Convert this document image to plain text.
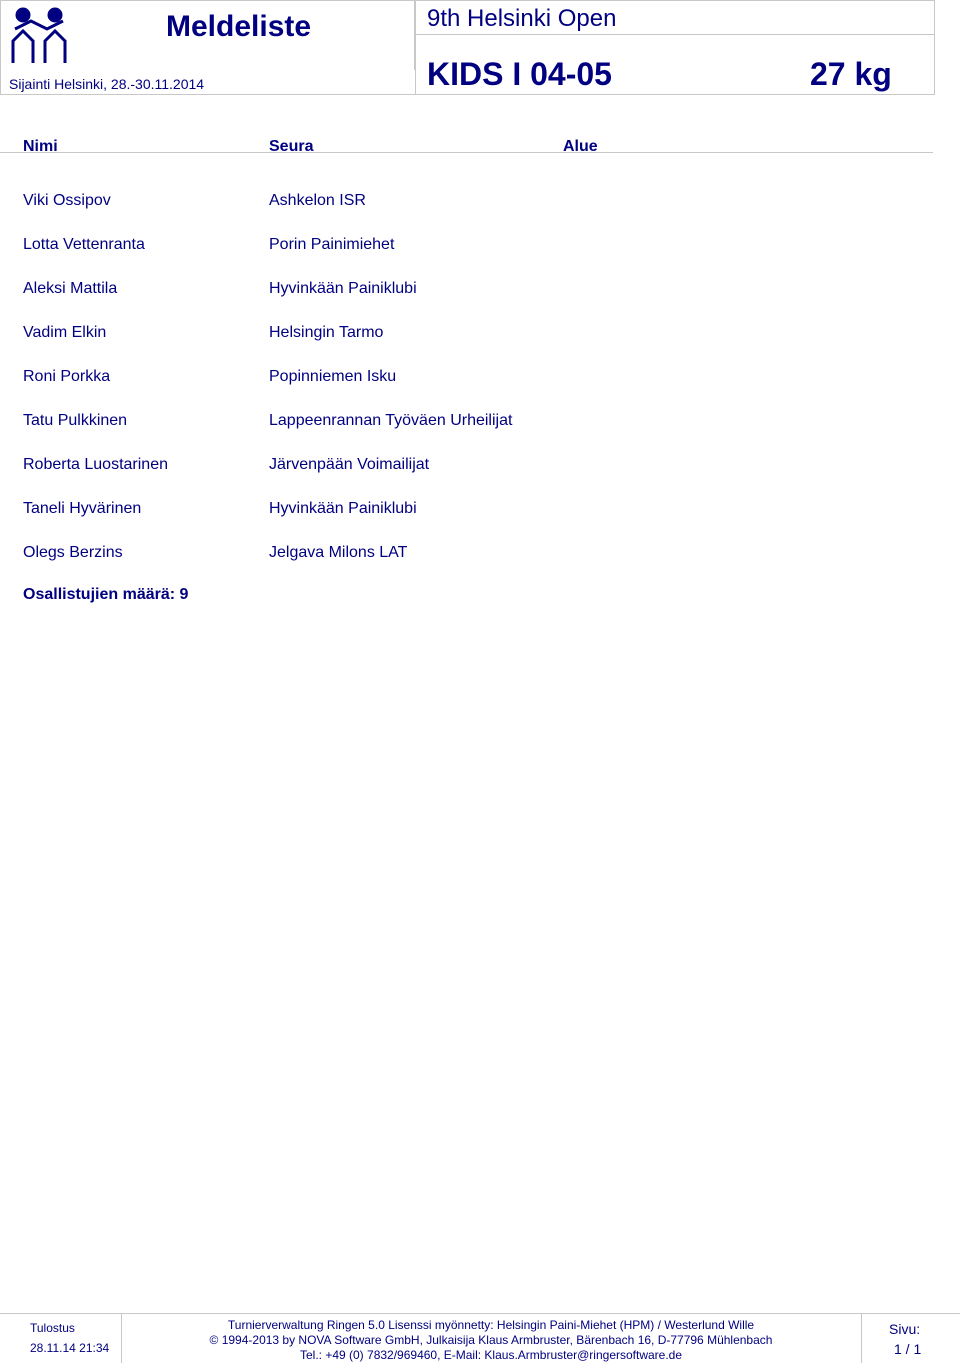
Meldeliste	9th Helsinki Open
KIDS I 04-05	27 kg
Sijainti Helsinki, 28.-30.11.2014
Nimi	Seura	Alue
Viki Ossipov	Ashkelon ISR
Lotta Vettenranta	Porin Painimiehet
Aleksi Mattila	Hyvinkään Painiklubi
Vadim Elkin	Helsingin Tarmo
Roni Porkka	Popinniemen Isku
Tatu Pulkkinen	Lappeenrannan Työväen Urheilijat
Roberta Luostarinen	Järvenpään Voimailijat
Taneli Hyvärinen	Hyvinkään Painiklubi
Olegs Berzins	Jelgava Milons LAT
Osallistujien määrä: 9
Tulostus
28.11.14 21:34
Turnierverwaltung Ringen 5.0 Lisenssi myönnetty: Helsingin Paini-Miehet (HPM) / Westerlund Wille
© 1994-2013 by NOVA Software GmbH, Julkaisija Klaus Armbruster, Bärenbach 16, D-77796 Mühlenbach
Tel.: +49 (0) 7832/969460, E-Mail: Klaus.Armbruster@ringersoftware.de
Sivu:
1 / 1
